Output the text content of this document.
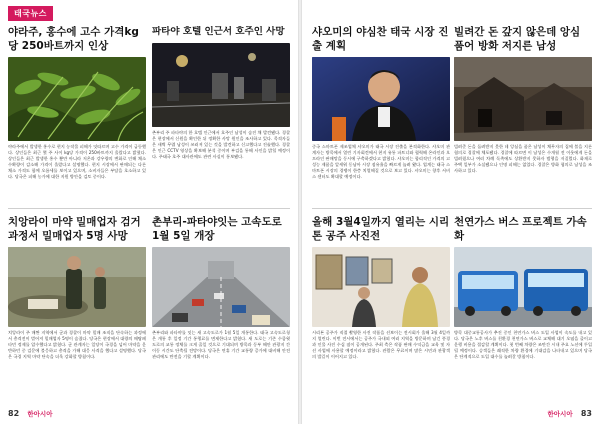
태국뉴스
야라주, 홍수에 고수 가격kg당 250바트까지 인상
야라주에서 발생한 홍수로 현지 농작물 피해가 잇따르며 고수 가격이 급등했다. 상인들은 최근 몇 주 사이 kg당 가격이 250바트까지 올랐다고 밝혔다. 상인들은 최근 발생한 홍수 뿐만 아니라 저온과 강우량의 변화로 인해 채소 수확량이 감소해 가격이 올랐다고 설명했다. 현지 시장에서 판매되는 다른 채소 가격도 함께 오름세를 보이고 있으며, 소비자들은 부담을 호소하고 있다. 당국은 피해 농가에 대한 지원 방안을 검토 중이다.
파타야 호텔 인근서 호주인 사망
촌부리 주 파타야의 한 호텔 인근에서 호주인 남성이 숨진 채 발견됐다. 경찰은 현장에서 신원을 확인한 뒤 정확한 사망 원인을 조사하고 있다. 목격자들은 새벽 무렵 남성이 쓰러져 있는 것을 발견하고 신고했다고 진술했다. 경찰은 인근 CCTV 영상을 확보해 분석 중이며 부검을 통해 사인을 밝힐 예정이다. 주태국 호주 대사관에도 관련 사실이 통보됐다.
치앙라이 마약 밀매업자 검거 과정서 밀매업자 5명 사망
치앙라이 주 매짠 지역에서 군과 경찰이 마약 밀매 조직을 단속하는 과정에서 총격전이 벌어져 밀매업자 5명이 숨졌다. 당국은 현장에서 대량의 메탐페타민 정제를 압수했다고 밝혔다. 군 관계자는 일당이 국경을 넘어 마약을 운반하던 중 검문에 불응하고 총격을 가해 대응 사격을 했다고 설명했다. 당국은 국경 지역 마약 단속을 더욱 강화할 방침이다.
촌부리-파타야잇는 고속도로 1월 5일 개장
촌부리와 파타야를 잇는 새 고속도로가 1월 5일 개통한다. 태국 고속도로청은 개통 후 일정 기간 통행료를 면제한다고 밝혔다. 새 도로는 기존 수쿰윗 도로의 교통 정체를 크게 줄일 것으로 기대되며 방콕과 동부 해안 관광지 간 이동 시간도 단축될 전망이다. 당국은 연휴 기간 교통량 증가에 대비해 안전 관리에도 만전을 기할 계획이다.
82 한아시아
샤오미의 야심찬 태국 시장 진출 계획
중국 스마트폰 제조업체 샤오미가 태국 시장 진출을 본격화한다. 샤오미 관계자는 방콕에서 열린 기자회견에서 현지 유통 파트너와 협력해 온라인과 오프라인 판매망을 동시에 구축하겠다고 밝혔다. 샤오미는 합리적인 가격의 고성능 제품을 앞세워 동남아 시장 점유율을 빠르게 늘려 왔다. 업계는 태국 스마트폰 시장의 경쟁이 한층 치열해질 것으로 보고 있다. 샤오미는 향후 서비스 센터도 확대할 예정이다.
빌려간 돈 갚지 않은데 앙심 품어 방화 저지른 남성
빌려준 돈을 돌려받지 못한 데 앙심을 품은 남성이 채무자의 집에 불을 지른 혐의로 경찰에 체포됐다. 경찰에 따르면 이 남성은 수개월 전 이웃에게 돈을 빌려줬으나 여러 차례 독촉에도 상환받지 못하자 범행을 저질렀다. 화재로 주택 일부가 소실됐으나 인명 피해는 없었다. 경찰은 방화 혐의로 남성을 조사하고 있다.
올해 3월4일까지 열리는 시리톤 공주 사진전
시리톤 공주가 직접 촬영한 사진 작품을 선보이는 전시회가 올해 3월 4일까지 열린다. 이번 전시에서는 공주가 국내외 여러 지역을 방문하며 남긴 풍경과 인물 사진 수십 점이 공개된다. 주최 측은 작품 판매 수익금을 교육 및 자선 사업에 사용할 예정이라고 밝혔다. 관람은 무료이며 많은 시민과 관광객의 발길이 이어지고 있다.
천연가스 버스 프로젝트 가속화
방콕 대중교통공사가 추진 중인 천연가스 버스 도입 사업이 속도를 내고 있다. 당국은 노후 버스를 친환경 천연가스 버스로 교체해 대기 오염을 줄이고 운행 비용을 절감할 계획이다. 첫 번째 차량은 조만간 시내 주요 노선에 투입될 예정이다. 승객들은 쾌적한 차량 환경에 기대감을 나타내고 있으며 당국은 단계적으로 도입 대수를 늘려갈 방침이다.
한아시아 83
